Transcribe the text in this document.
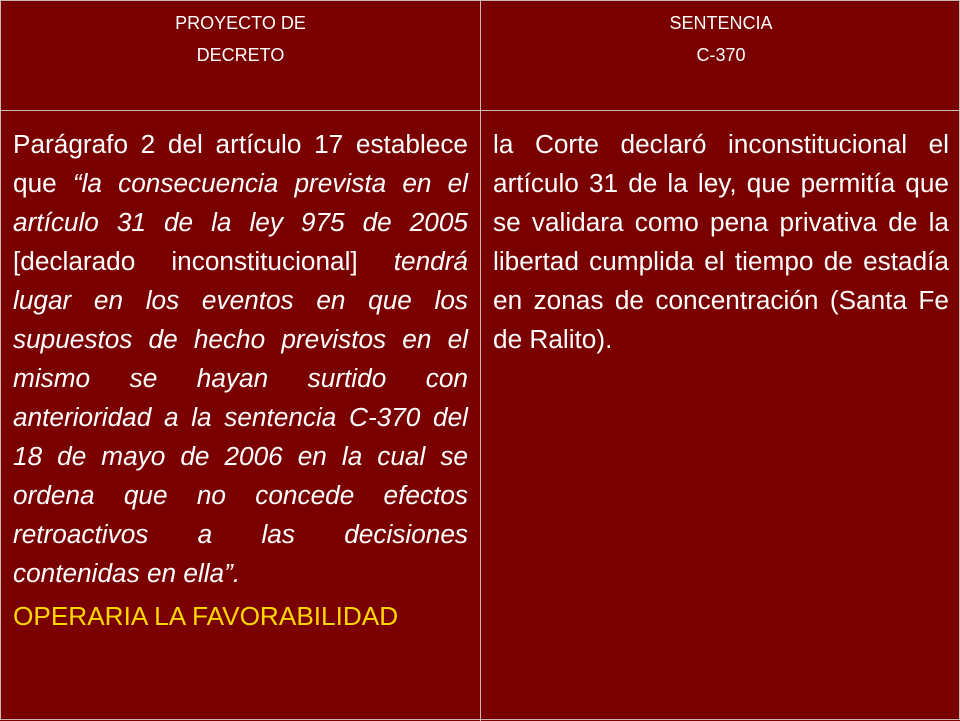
PROYECTO DE
DECRETO
SENTENCIA
C-370

Parágrafo 2 del artículo 17 establece que “la consecuencia prevista en el artículo 31 de la ley 975 de 2005 [declarado inconstitucional] tendrá lugar en los eventos en que los supuestos de hecho previstos en el mismo se hayan surtido con anterioridad a la sentencia C-370 del 18 de mayo de 2006 en la cual se ordena que no concede efectos retroactivos a las decisiones contenidas en ella”.

OPERARIA LA FAVORABILIDAD

la Corte declaró inconstitucional el artículo 31 de la ley, que permitía que se validara como pena privativa de la libertad cumplida el tiempo de estadía en zonas de concentración (Santa Fe de Ralito).
